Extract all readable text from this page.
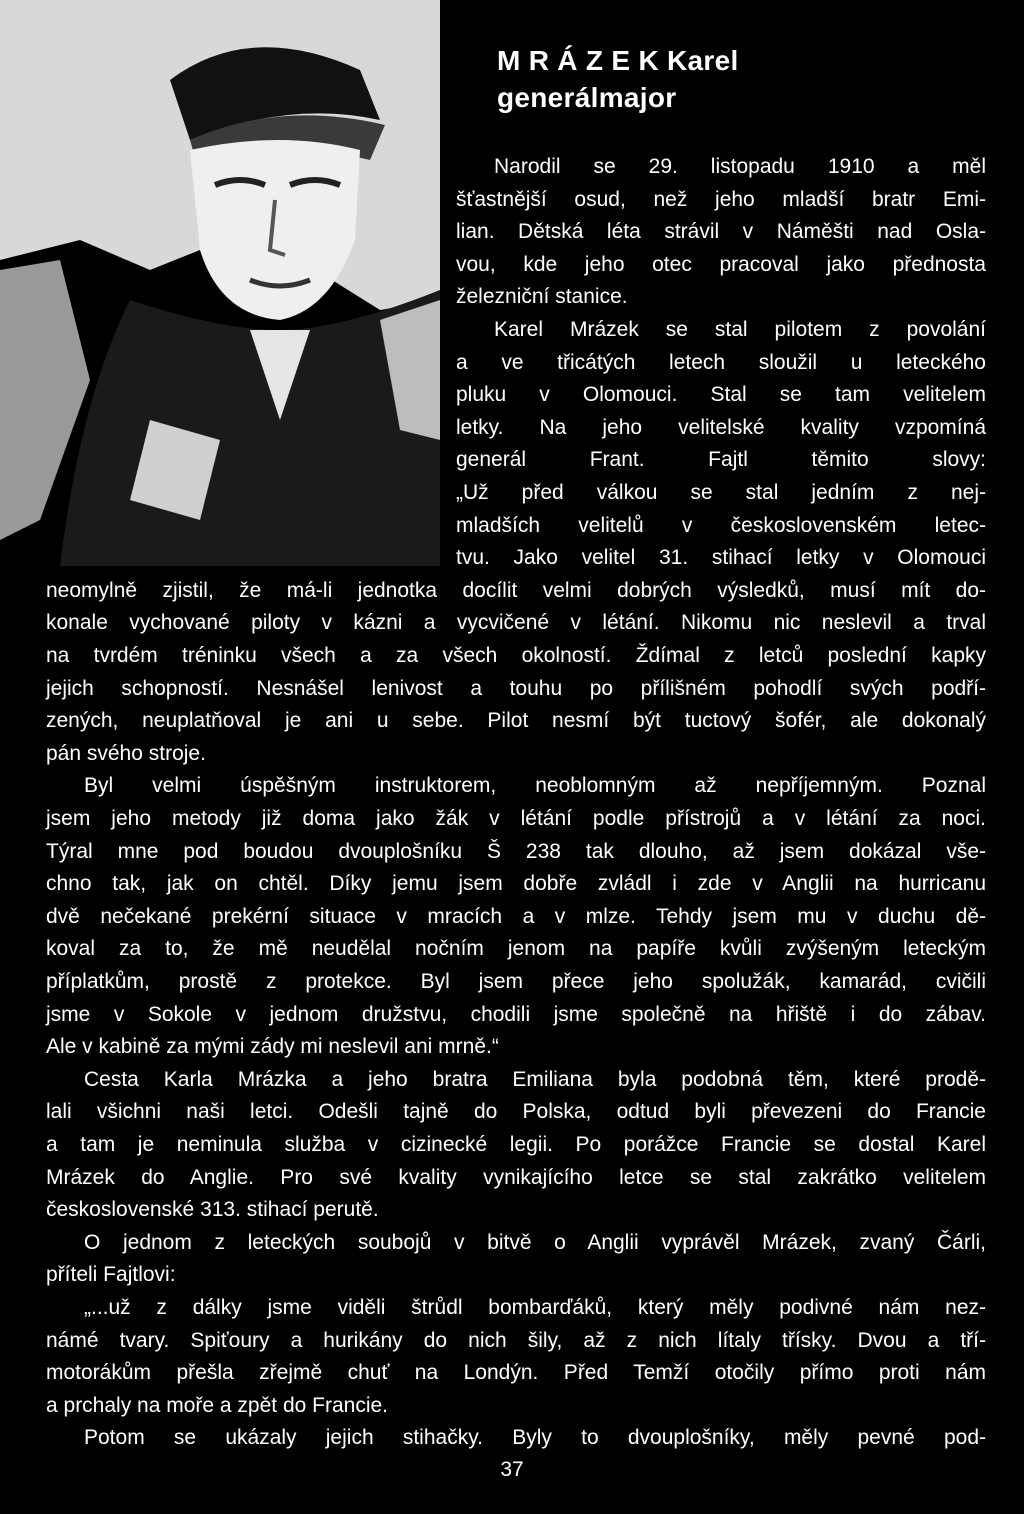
M R Á Z E K Karel
generálmajor
Narodil se 29. listopadu 1910 a měl
šťastnější osud, než jeho mladší bratr Emi-
lian. Dětská léta strávil v Náměšti nad Osla-
vou, kde jeho otec pracoval jako přednosta
železniční stanice.
Karel Mrázek se stal pilotem z povolání
a ve třicátých letech sloužil u leteckého
pluku v Olomouci. Stal se tam velitelem
letky. Na jeho velitelské kvality vzpomíná
generál Frant. Fajtl těmito slovy:
„Už před válkou se stal jedním z nej-
mladších velitelů v československém letec-
tvu. Jako velitel 31. stihací letky v Olomouci
neomylně zjistil, že má-li jednotka docílit velmi dobrých výsledků, musí mít do-
konale vychované piloty v kázni a vycvičené v létání. Nikomu nic neslevil a trval
na tvrdém tréninku všech a za všech okolností. Ždímal z letců poslední kapky
jejich schopností. Nesnášel lenivost a touhu po přílišném pohodlí svých podří-
zených, neuplatňoval je ani u sebe. Pilot nesmí být tuctový šofér, ale dokonalý
pán svého stroje.
Byl velmi úspěšným instruktorem, neoblomným až nepříjemným. Poznal
jsem jeho metody již doma jako žák v létání podle přístrojů a v létání za noci.
Týral mne pod boudou dvouplošníku Š 238 tak dlouho, až jsem dokázal vše-
chno tak, jak on chtěl. Díky jemu jsem dobře zvládl i zde v Anglii na hurricanu
dvě nečekané prekérní situace v mracích a v mlze. Tehdy jsem mu v duchu dě-
koval za to, že mě neudělal nočním jenom na papíře kvůli zvýšeným leteckým
příplatkům, prostě z protekce. Byl jsem přece jeho spolužák, kamarád, cvičili
jsme v Sokole v jednom družstvu, chodili jsme společně na hřiště i do zábav.
Ale v kabině za mými zády mi neslevil ani mrně.“
Cesta Karla Mrázka a jeho bratra Emiliana byla podobná těm, které prodě-
lali všichni naši letci. Odešli tajně do Polska, odtud byli převezeni do Francie
a tam je neminula služba v cizinecké legii. Po porážce Francie se dostal Karel
Mrázek do Anglie. Pro své kvality vynikajícího letce se stal zakrátko velitelem
československé 313. stihací perutě.
O jednom z leteckých soubojů v bitvě o Anglii vyprávěl Mrázek, zvaný Čárli,
příteli Fajtlovi:
„...už z dálky jsme viděli štrůdl bombarďáků, který měly podivné nám nez-
námé tvary. Spiťoury a hurikány do nich šily, až z nich lítaly třísky. Dvou a tří-
motorákům přešla zřejmě chuť na Londýn. Před Temží otočily přímo proti nám
a prchaly na moře a zpět do Francie.
Potom se ukázaly jejich stihačky. Byly to dvouplošníky, měly pevné pod-
37
